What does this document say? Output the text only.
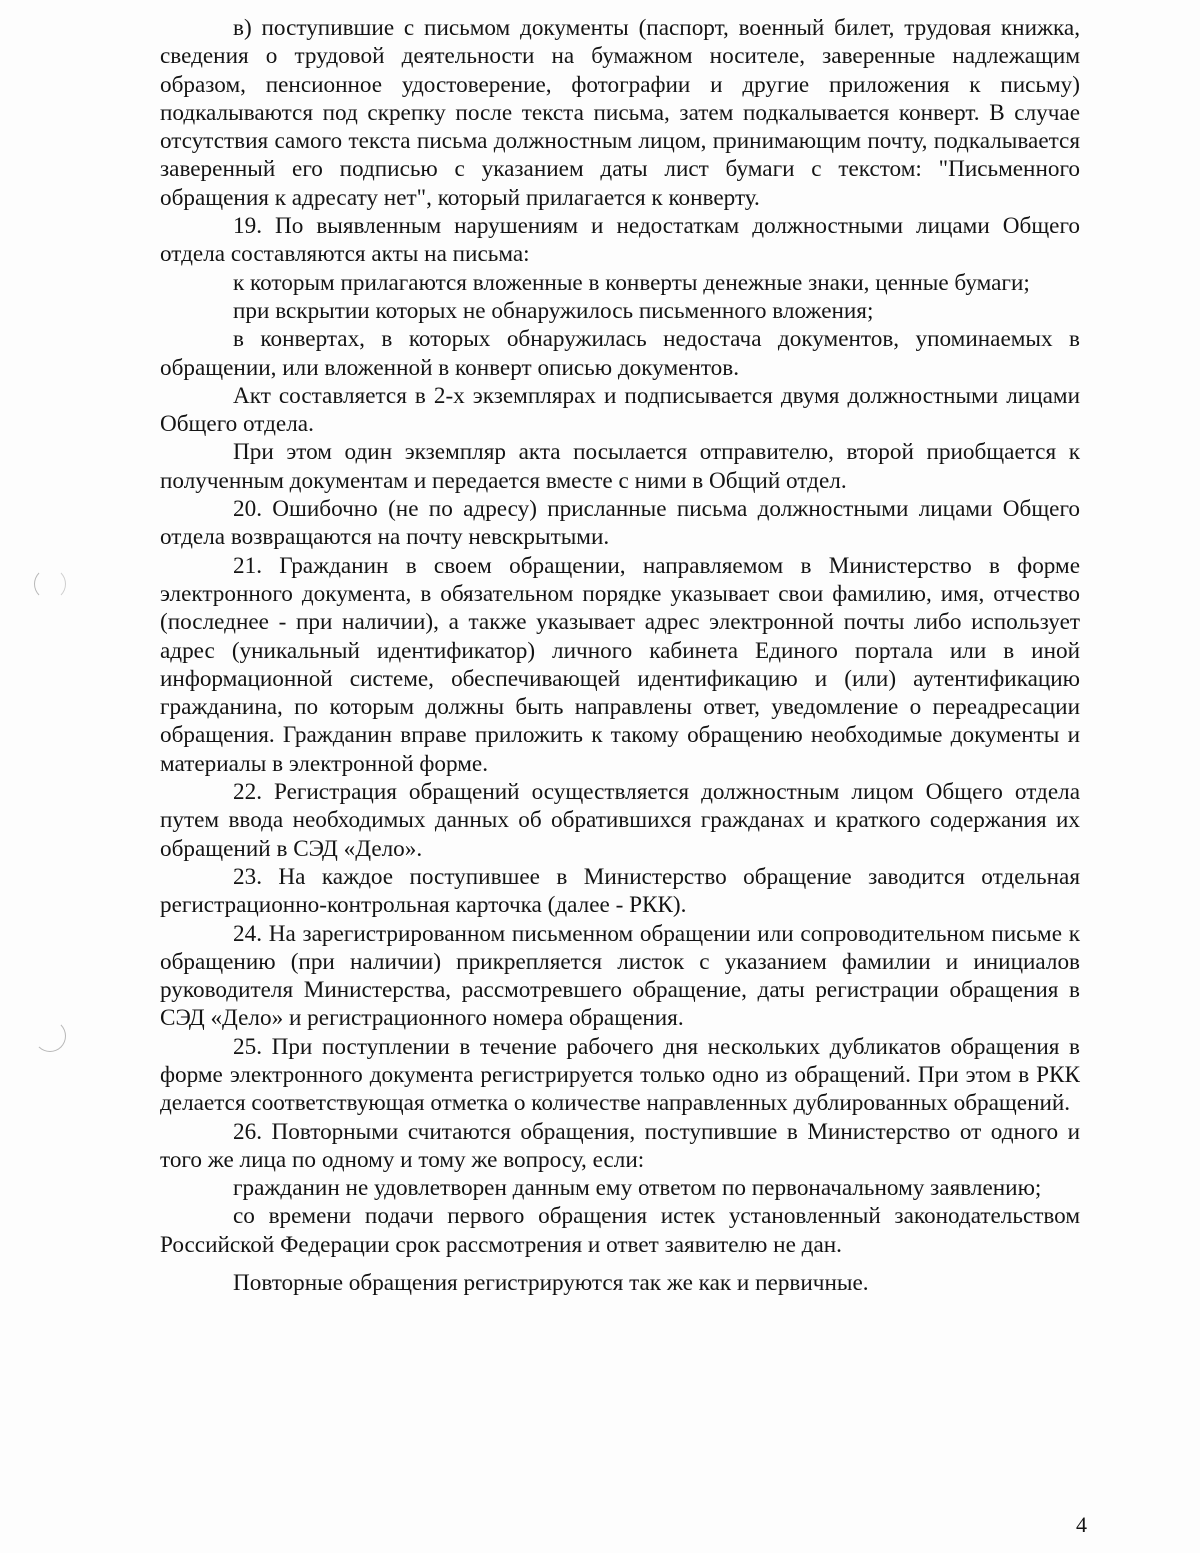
в) поступившие с письмом документы (паспорт, военный билет, трудовая книжка, сведения о трудовой деятельности на бумажном носителе, заверенные надлежащим образом, пенсионное удостоверение, фотографии и другие приложения к письму) подкалываются под скрепку после текста письма, затем подкалывается конверт. В случае отсутствия самого текста письма должностным лицом, принимающим почту, подкалывается заверенный его подписью с указанием даты лист бумаги с текстом: "Письменного обращения к адресату нет", который прилагается к конверту.

19. По выявленным нарушениям и недостаткам должностными лицами Общего отдела составляются акты на письма:

к которым прилагаются вложенные в конверты денежные знаки, ценные бумаги;

при вскрытии которых не обнаружилось письменного вложения;

в конвертах, в которых обнаружилась недостача документов, упоминаемых в обращении, или вложенной в конверт описью документов.

Акт составляется в 2-х экземплярах и подписывается двумя должностными лицами Общего отдела.

При этом один экземпляр акта посылается отправителю, второй приобщается к полученным документам и передается вместе с ними в Общий отдел.

20. Ошибочно (не по адресу) присланные письма должностными лицами Общего отдела возвращаются на почту невскрытыми.

21. Гражданин в своем обращении, направляемом в Министерство в форме электронного документа, в обязательном порядке указывает свои фамилию, имя, отчество (последнее - при наличии), а также указывает адрес электронной почты либо использует адрес (уникальный идентификатор) личного кабинета Единого портала или в иной информационной системе, обеспечивающей идентификацию и (или) аутентификацию гражданина, по которым должны быть направлены ответ, уведомление о переадресации обращения. Гражданин вправе приложить к такому обращению необходимые документы и материалы в электронной форме.

22. Регистрация обращений осуществляется должностным лицом Общего отдела путем ввода необходимых данных об обратившихся гражданах и краткого содержания их обращений в СЭД «Дело».

23. На каждое поступившее в Министерство обращение заводится отдельная регистрационно-контрольная карточка (далее - РКК).

24. На зарегистрированном письменном обращении или сопроводительном письме к обращению (при наличии) прикрепляется листок с указанием фамилии и инициалов руководителя Министерства, рассмотревшего обращение, даты регистрации обращения в СЭД «Дело» и регистрационного номера обращения.

25. При поступлении в течение рабочего дня нескольких дубликатов обращения в форме электронного документа регистрируется только одно из обращений. При этом в РКК делается соответствующая отметка о количестве направленных дублированных обращений.

26. Повторными считаются обращения, поступившие в Министерство от одного и того же лица по одному и тому же вопросу, если:

гражданин не удовлетворен данным ему ответом по первоначальному заявлению;

со времени подачи первого обращения истек установленный законодательством Российской Федерации срок рассмотрения и ответ заявителю не дан.

Повторные обращения регистрируются так же как и первичные.

4
